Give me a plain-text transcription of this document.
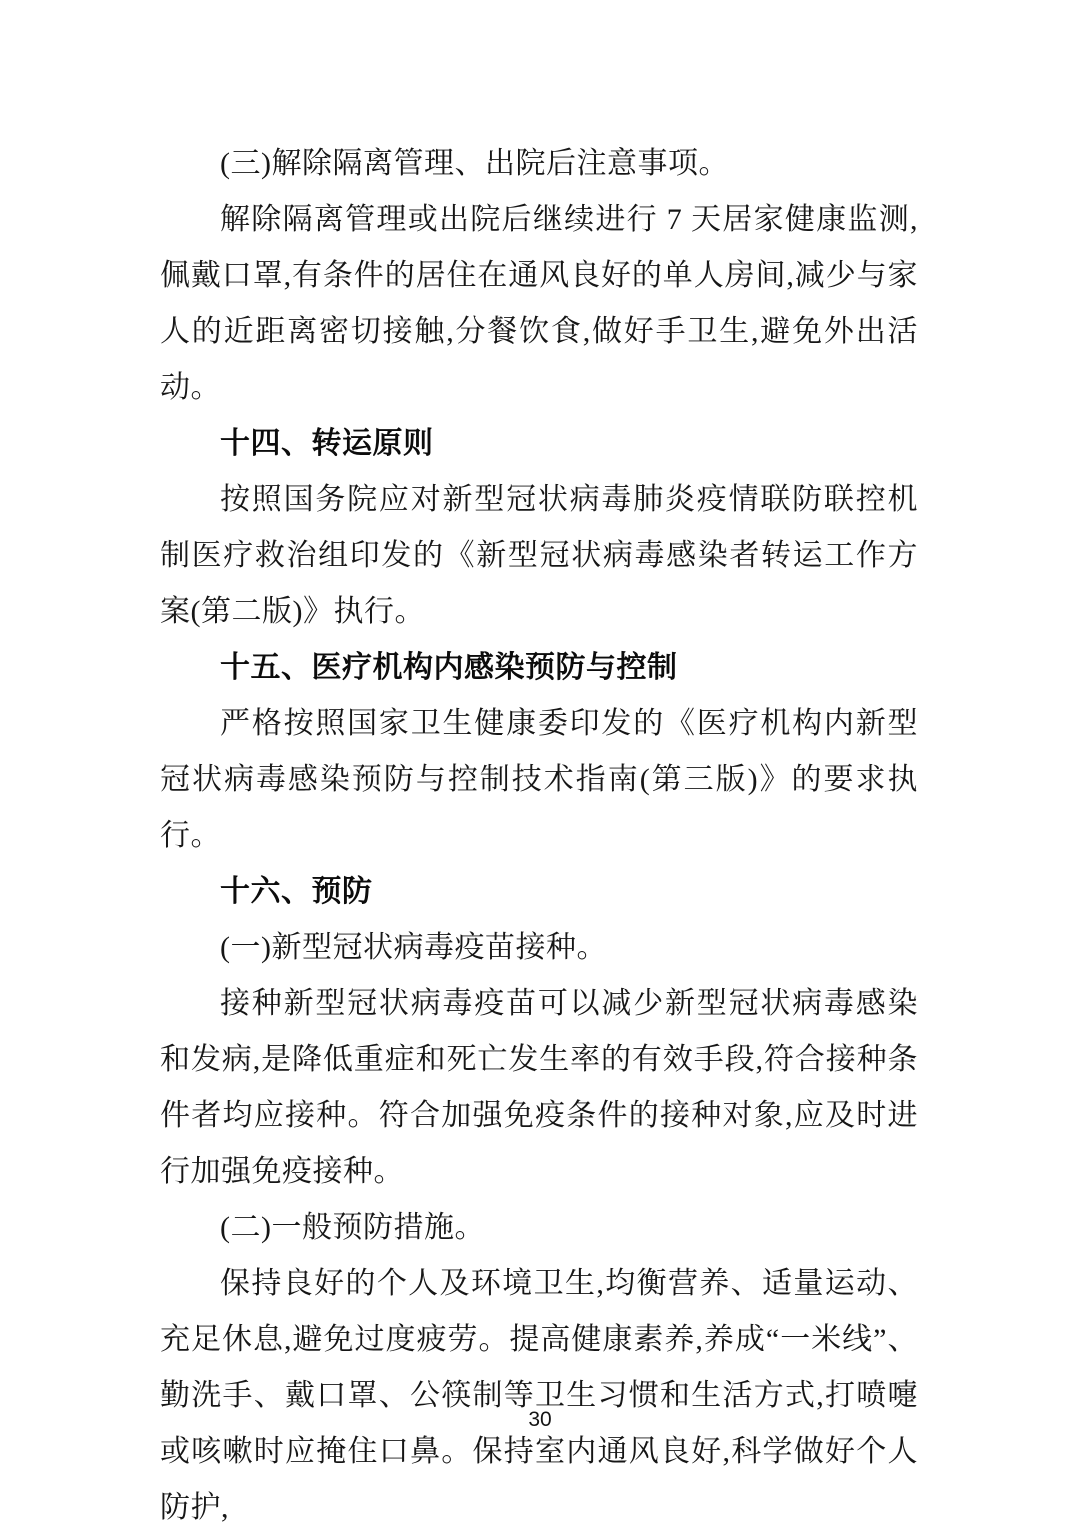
(三)解除隔离管理、出院后注意事项。

解除隔离管理或出院后继续进行 7 天居家健康监测,佩戴口罩,有条件的居住在通风良好的单人房间,减少与家人的近距离密切接触,分餐饮食,做好手卫生,避免外出活动。

十四、转运原则

按照国务院应对新型冠状病毒肺炎疫情联防联控机制医疗救治组印发的《新型冠状病毒感染者转运工作方案(第二版)》执行。

十五、医疗机构内感染预防与控制

严格按照国家卫生健康委印发的《医疗机构内新型冠状病毒感染预防与控制技术指南(第三版)》的要求执行。

十六、预防
(一)新型冠状病毒疫苗接种。

接种新型冠状病毒疫苗可以减少新型冠状病毒感染和发病,是降低重症和死亡发生率的有效手段,符合接种条件者均应接种。符合加强免疫条件的接种对象,应及时进行加强免疫接种。

(二)一般预防措施。

保持良好的个人及环境卫生,均衡营养、适量运动、充足休息,避免过度疲劳。提高健康素养,养成“一米线”、勤洗手、戴口罩、公筷制等卫生习惯和生活方式,打喷嚏或咳嗽时应掩住口鼻。保持室内通风良好,科学做好个人防护,

30
